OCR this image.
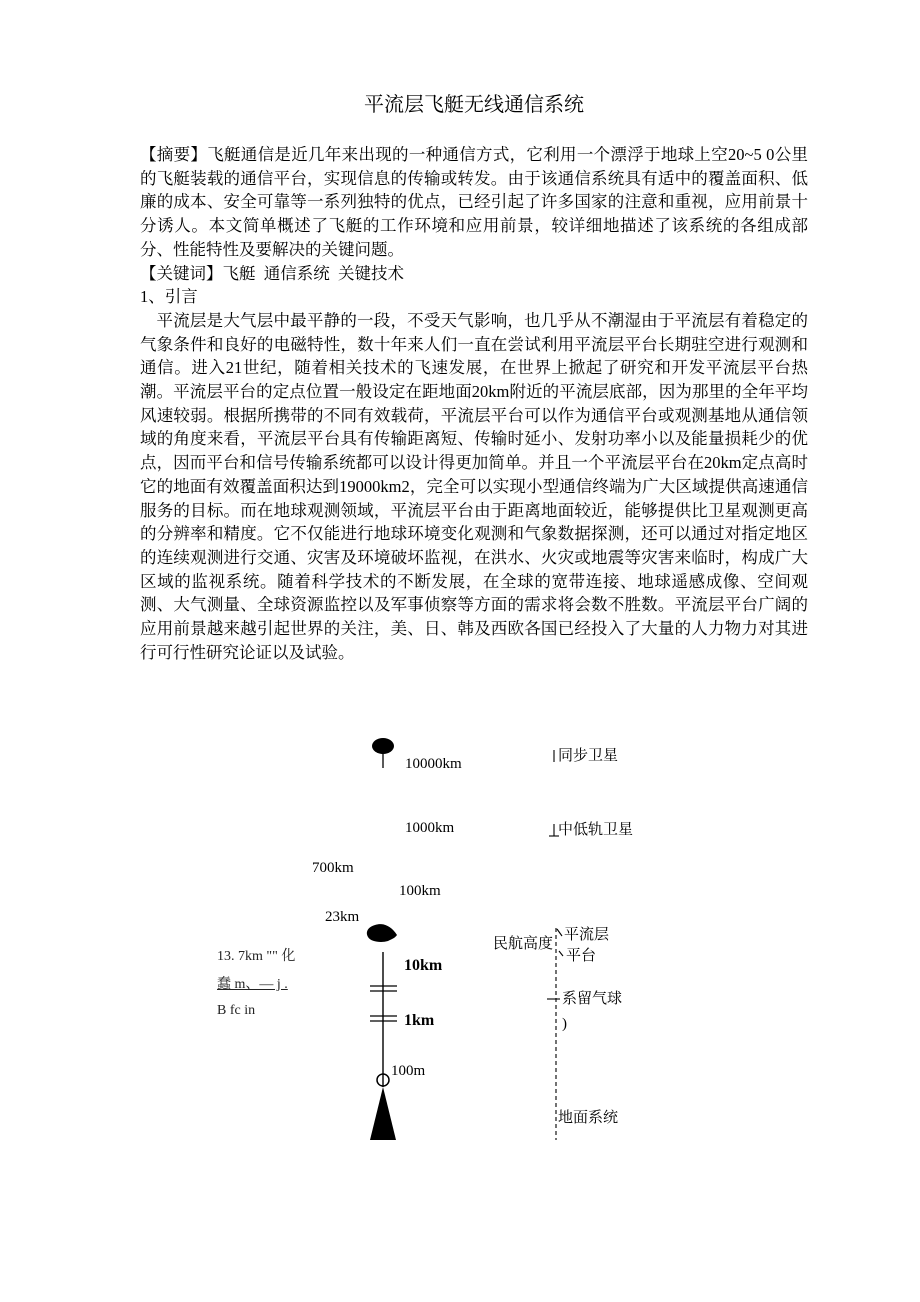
平流层飞艇无线通信系统

【摘要】飞艇通信是近几年来出现的一种通信方式，它利用一个漂浮于地球上空20~5 0公里的飞艇装载的通信平台，实现信息的传输或转发。由于该通信系统具有适中的覆盖面积、低廉的成本、安全可靠等一系列独特的优点，已经引起了许多国家的注意和重视，应用前景十分诱人。本文简单概述了飞艇的工作环境和应用前景，较详细地描述了该系统的各组成部分、性能特性及要解决的关键问题。

【关键词】飞艇  通信系统  关键技术

1、引言

平流层是大气层中最平静的一段，不受天气影响，也几乎从不潮湿由于平流层有着稳定的气象条件和良好的电磁特性，数十年来人们一直在尝试利用平流层平台长期驻空进行观测和通信。进入21世纪，随着相关技术的飞速发展，在世界上掀起了研究和开发平流层平台热潮。平流层平台的定点位置一般设定在距地面20km附近的平流层底部，因为那里的全年平均风速较弱。根据所携带的不同有效载荷，平流层平台可以作为通信平台或观测基地从通信领域的角度来看，平流层平台具有传输距离短、传输时延小、发射功率小以及能量损耗少的优点，因而平台和信号传输系统都可以设计得更加简单。并且一个平流层平台在20km定点高时它的地面有效覆盖面积达到19000km2，完全可以实现小型通信终端为广大区域提供高速通信服务的目标。而在地球观测领域，平流层平台由于距离地面较近，能够提供比卫星观测更高的分辨率和精度。它不仅能进行地球环境变化观测和气象数据探测，还可以通过对指定地区的连续观测进行交通、灾害及环境破坏监视，在洪水、火灾或地震等灾害来临时，构成广大区域的监视系统。随着科学技术的不断发展，在全球的宽带连接、地球遥感成像、空间观测、大气测量、全球资源监控以及军事侦察等方面的需求将会数不胜数。平流层平台广阔的应用前景越来越引起世界的关注，美、日、韩及西欧各国已经投入了大量的人力物力对其进行可行性研究论证以及试验。

10000km
1000km
700km
100km
23km
10km
1km
100m
13. 7km "" 化
蠢 m、— j .
B fc in
同步卫星
中低轨卫星
民航高度
平流层
平台
系留气球
)
地面系统
